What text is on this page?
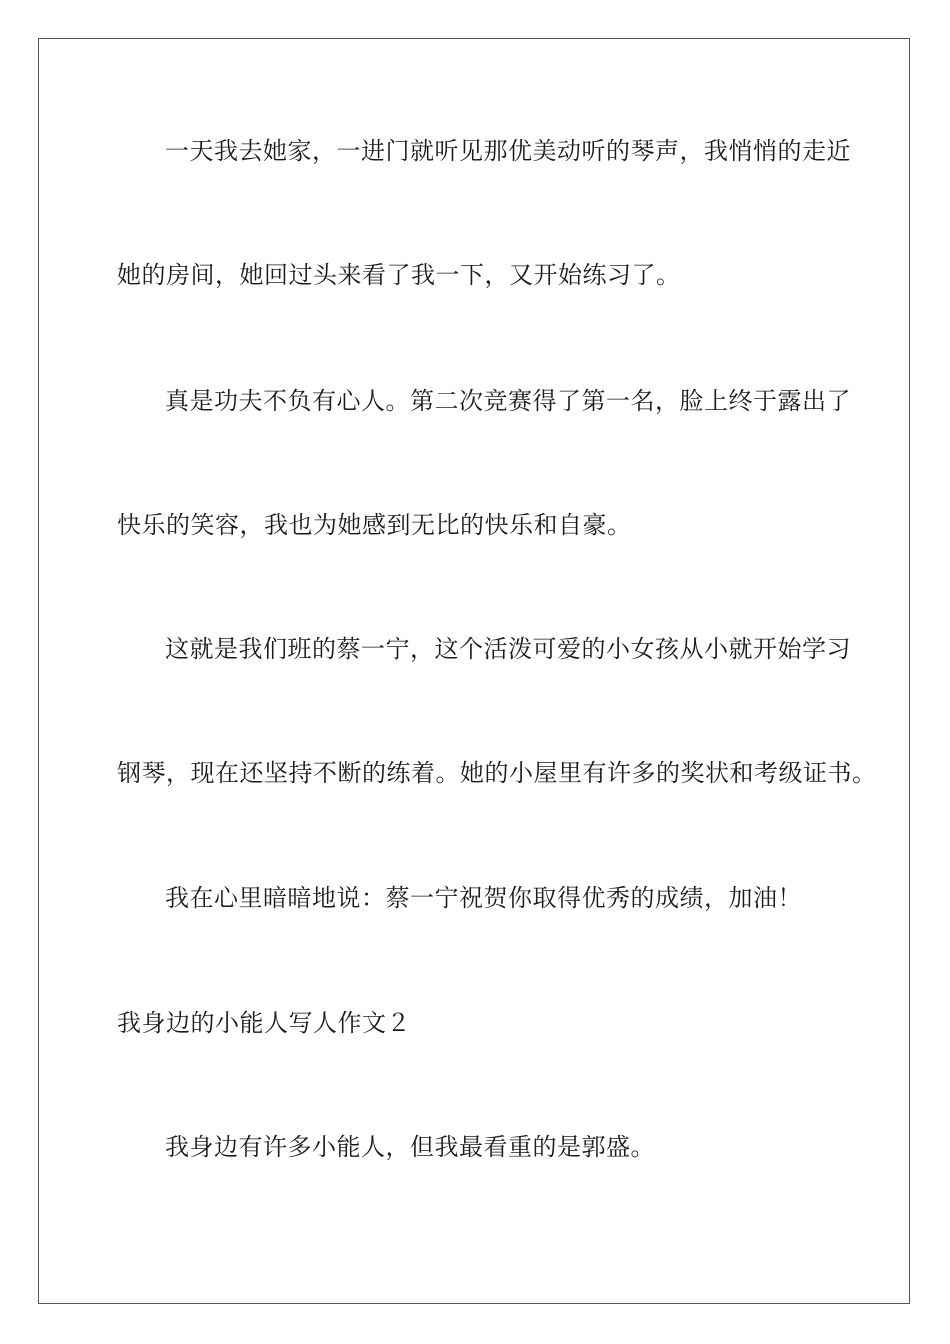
一天我去她家，一进门就听见那优美动听的琴声，我悄悄的走近
她的房间，她回过头来看了我一下，又开始练习了。
真是功夫不负有心人。第二次竞赛得了第一名，脸上终于露出了
快乐的笑容，我也为她感到无比的快乐和自豪。
这就是我们班的蔡一宁，这个活泼可爱的小女孩从小就开始学习
钢琴，现在还坚持不断的练着。她的小屋里有许多的奖状和考级证书。
我在心里暗暗地说：蔡一宁祝贺你取得优秀的成绩，加油！
我身边的小能人写人作文２
我身边有许多小能人，但我最看重的是郭盛。
